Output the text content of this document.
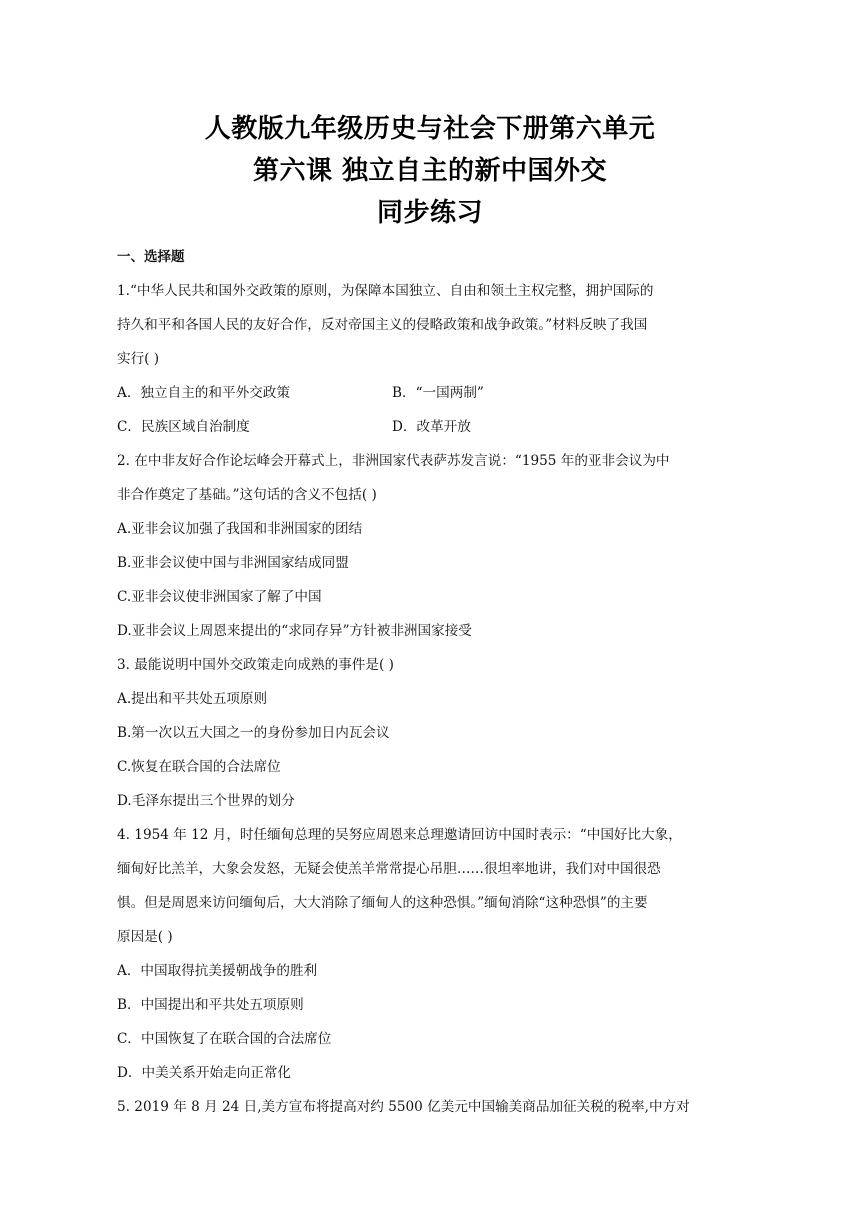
人教版九年级历史与社会下册第六单元
第六课 独立自主的新中国外交
同步练习
一、选择题
1.“中华人民共和国外交政策的原则，为保障本国独立、自由和领土主权完整，拥护国际的
持久和平和各国人民的友好合作，反对帝国主义的侵略政策和战争政策。”材料反映了我国
实行( )
A．独立自主的和平外交政策	B．“一国两制”
C．民族区域自治制度	D．改革开放
2. 在中非友好合作论坛峰会开幕式上，非洲国家代表萨苏发言说：“1955 年的亚非会议为中
非合作奠定了基础。”这句话的含义不包括( )
A.亚非会议加强了我国和非洲国家的团结
B.亚非会议使中国与非洲国家结成同盟
C.亚非会议使非洲国家了解了中国
D.亚非会议上周恩来提出的“求同存异”方针被非洲国家接受
3. 最能说明中国外交政策走向成熟的事件是( )
A.提出和平共处五项原则
B.第一次以五大国之一的身份参加日内瓦会议
C.恢复在联合国的合法席位
D.毛泽东提出三个世界的划分
4. 1954 年 12 月，时任缅甸总理的吴努应周恩来总理邀请回访中国时表示：“中国好比大象，
缅甸好比羔羊，大象会发怒，无疑会使羔羊常常提心吊胆……很坦率地讲，我们对中国很恐
惧。但是周恩来访问缅甸后，大大消除了缅甸人的这种恐惧。”缅甸消除“这种恐惧”的主要
原因是( )
A．中国取得抗美援朝战争的胜利
B．中国提出和平共处五项原则
C．中国恢复了在联合国的合法席位
D．中美关系开始走向正常化
5. 2019 年 8 月 24 日,美方宣布将提高对约 5500 亿美元中国输美商品加征关税的税率,中方对
